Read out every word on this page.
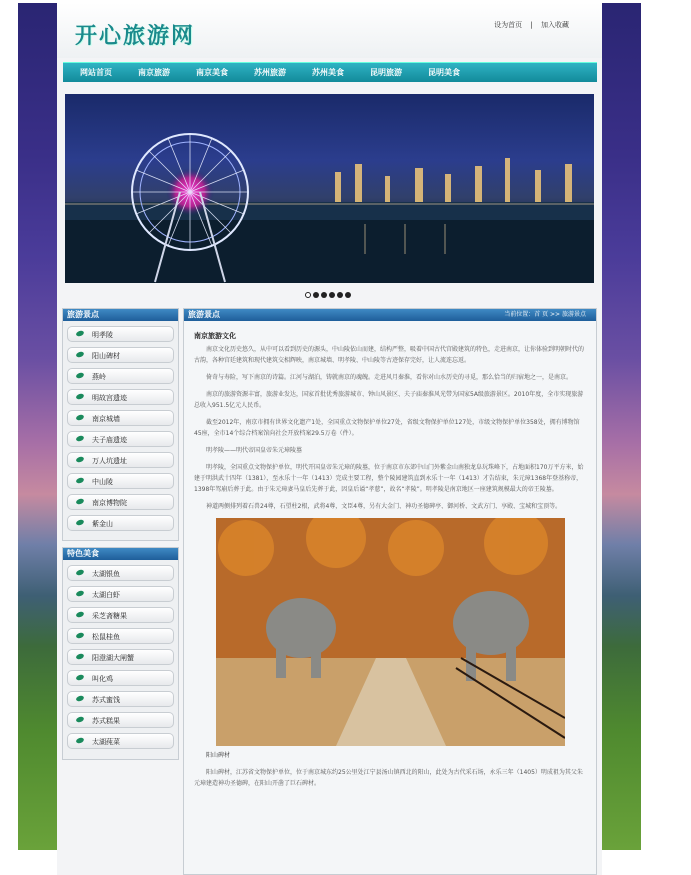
开心旅游网	设为首页 | 加入收藏
网站首页	南京旅游	南京美食	苏州旅游	苏州美食	昆明旅游	昆明美食
旅游景点
明孝陵
阳山碑材
燕岭
明故宫遗迹
南京城墙
夫子庙遗迹
万人坑遗址
中山陵
南京博物院
紫金山
特色美食
太湖银鱼
太湖白虾
采芝斋糖果
松鼠桂鱼
阳澄湖大闸蟹
叫化鸡
苏式蜜饯
苏式糕果
太湖莼菜
旅游景点	当前位置：首 页 >> 旅游景点
南京旅游文化

南京文化历史悠久，从中可以看到历史的源头，中山陵依山而建，结构严整，吸着中国古代宫殿建筑的特色，走进南京，让你体验到明朝时代的古韵，各种宫廷建筑和现代建筑交相辉映，南京城墙、明孝陵、中山陵等古迹保存完好，让人流连忘返。

倚奇与寿险，写下南京的诗篇。江河与湖泊，铸就南京的魂魄。走进风月秦淮，看你对山水历史的寻觅，那么恰当的归宿地之一，是南京。

南京的旅游资源丰富，旅游业发达，国家首批优秀旅游城市、钟山风景区、夫子庙秦淮风光带为国家5A级旅游景区。2010年度，全市实现旅游总收入951.5亿元人民币。

截至2012年，南京市拥有世界文化遗产1处，全国重点文物保护单位27处，省级文物保护单位127处，市级文物保护单位358处，拥有博物馆45座，全市14个综合档案馆向社会开放档案29.5万卷（件）。

明孝陵——明代帝国皇帝朱元璋陵墓

明孝陵，全国重点文物保护单位，明代开国皇帝朱元璋的陵墓，位于南京市东郊中山门外紫金山南独龙阜玩珠峰下，占地面积170万平方米，始建于明洪武十四年（1381），至永乐十一年（1413）完成主要工程，整个陵园建筑直到永乐十一年（1413）才告结束，朱元璋1368年登基称帝，1398年驾崩后葬于此。由于朱元璋妻马皇后先葬于此，因皇后谥“孝慈”，故名“孝陵”。明孝陵是南京地区一座建筑规模最大的帝王陵墓。

神道两侧排列着石兽24尊，石望柱2根，武将4尊，文臣4尊，另有大金门、神功圣德碑亭、御河桥、文武方门、享殿、宝城和宝顶等。

阳山碑材

阳山碑材，江苏省文物保护单位，位于南京城东约25公里处江宁县汤山镇西北的阳山，此处为古代采石场，永乐三年（1405）明成祖为其父朱元璋建造神功圣德碑，在阳山开凿了巨石碑材。
